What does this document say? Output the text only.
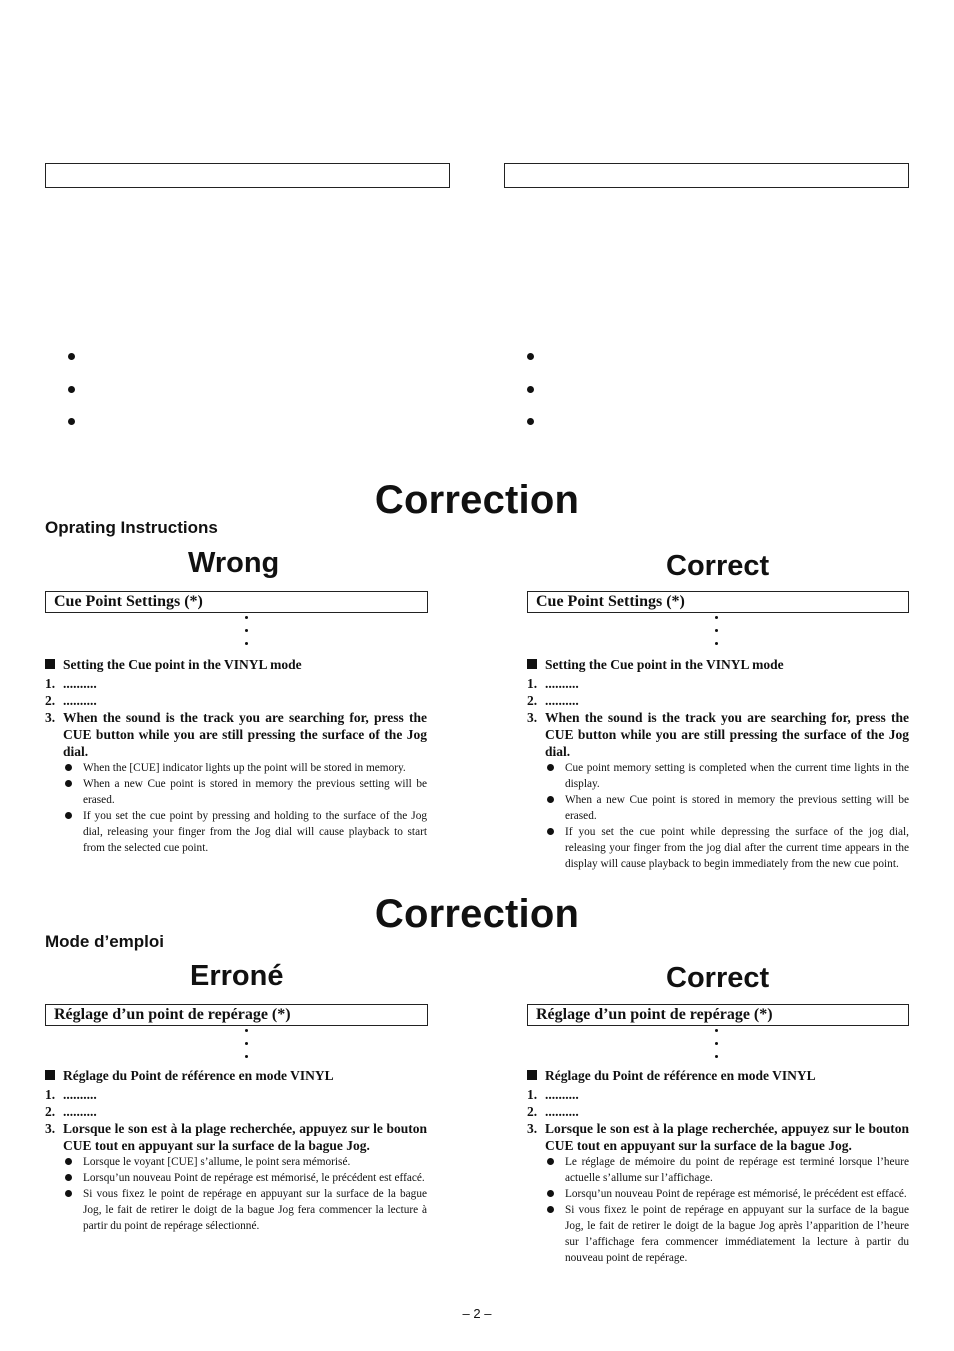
Correction
Oprating Instructions
Wrong	Correct
Cue Point Settings (*)	Cue Point Settings (*)
Setting the Cue point in the VINYL mode
1. ..........
2. ..........
3. When the sound is the track you are searching for, press the CUE button while you are still pressing the surface of the Jog dial.
When the [CUE] indicator lights up the point will be stored in memory.
When a new Cue point is stored in memory the previous setting will be erased.
If you set the cue point by pressing and holding to the surface of the Jog dial, releasing your finger from the Jog dial will cause playback to start from the selected cue point.
Setting the Cue point in the VINYL mode
1. ..........
2. ..........
3. When the sound is the track you are searching for, press the CUE button while you are still pressing the surface of the Jog dial.
Cue point memory setting is completed when the current time lights in the display.
When a new Cue point is stored in memory the previous setting will be erased.
If you set the cue point while depressing the surface of the jog dial, releasing your finger from the jog dial after the current time appears in the display will cause playback to begin immediately from the new cue point.
Correction
Mode d’emploi
Erroné	Correct
Réglage d’un point de repérage (*)	Réglage d’un point de repérage (*)
Réglage du Point de référence en mode VINYL
1. ..........
2. ..........
3. Lorsque le son est à la plage recherchée, appuyez sur le bouton CUE tout en appuyant sur la surface de la bague Jog.
Lorsque le voyant [CUE] s’allume, le point sera mémorisé.
Lorsqu’un nouveau Point de repérage est mémorisé, le précédent est effacé.
Si vous fixez le point de repérage en appuyant sur la surface de la bague Jog, le fait de retirer le doigt de la bague Jog fera commencer la lecture à partir du point de repérage sélectionné.
Réglage du Point de référence en mode VINYL
1. ..........
2. ..........
3. Lorsque le son est à la plage recherchée, appuyez sur le bouton CUE tout en appuyant sur la surface de la bague Jog.
Le réglage de mémoire du point de repérage est terminé lorsque l’heure actuelle s’allume sur l’affichage.
Lorsqu’un nouveau Point de repérage est mémorisé, le précédent est effacé.
Si vous fixez le point de repérage en appuyant sur la surface de la bague Jog, le fait de retirer le doigt de la bague Jog après l’apparition de l’heure sur l’affichage fera commencer immédiatement la lecture à partir du nouveau point de repérage.
– 2 –
